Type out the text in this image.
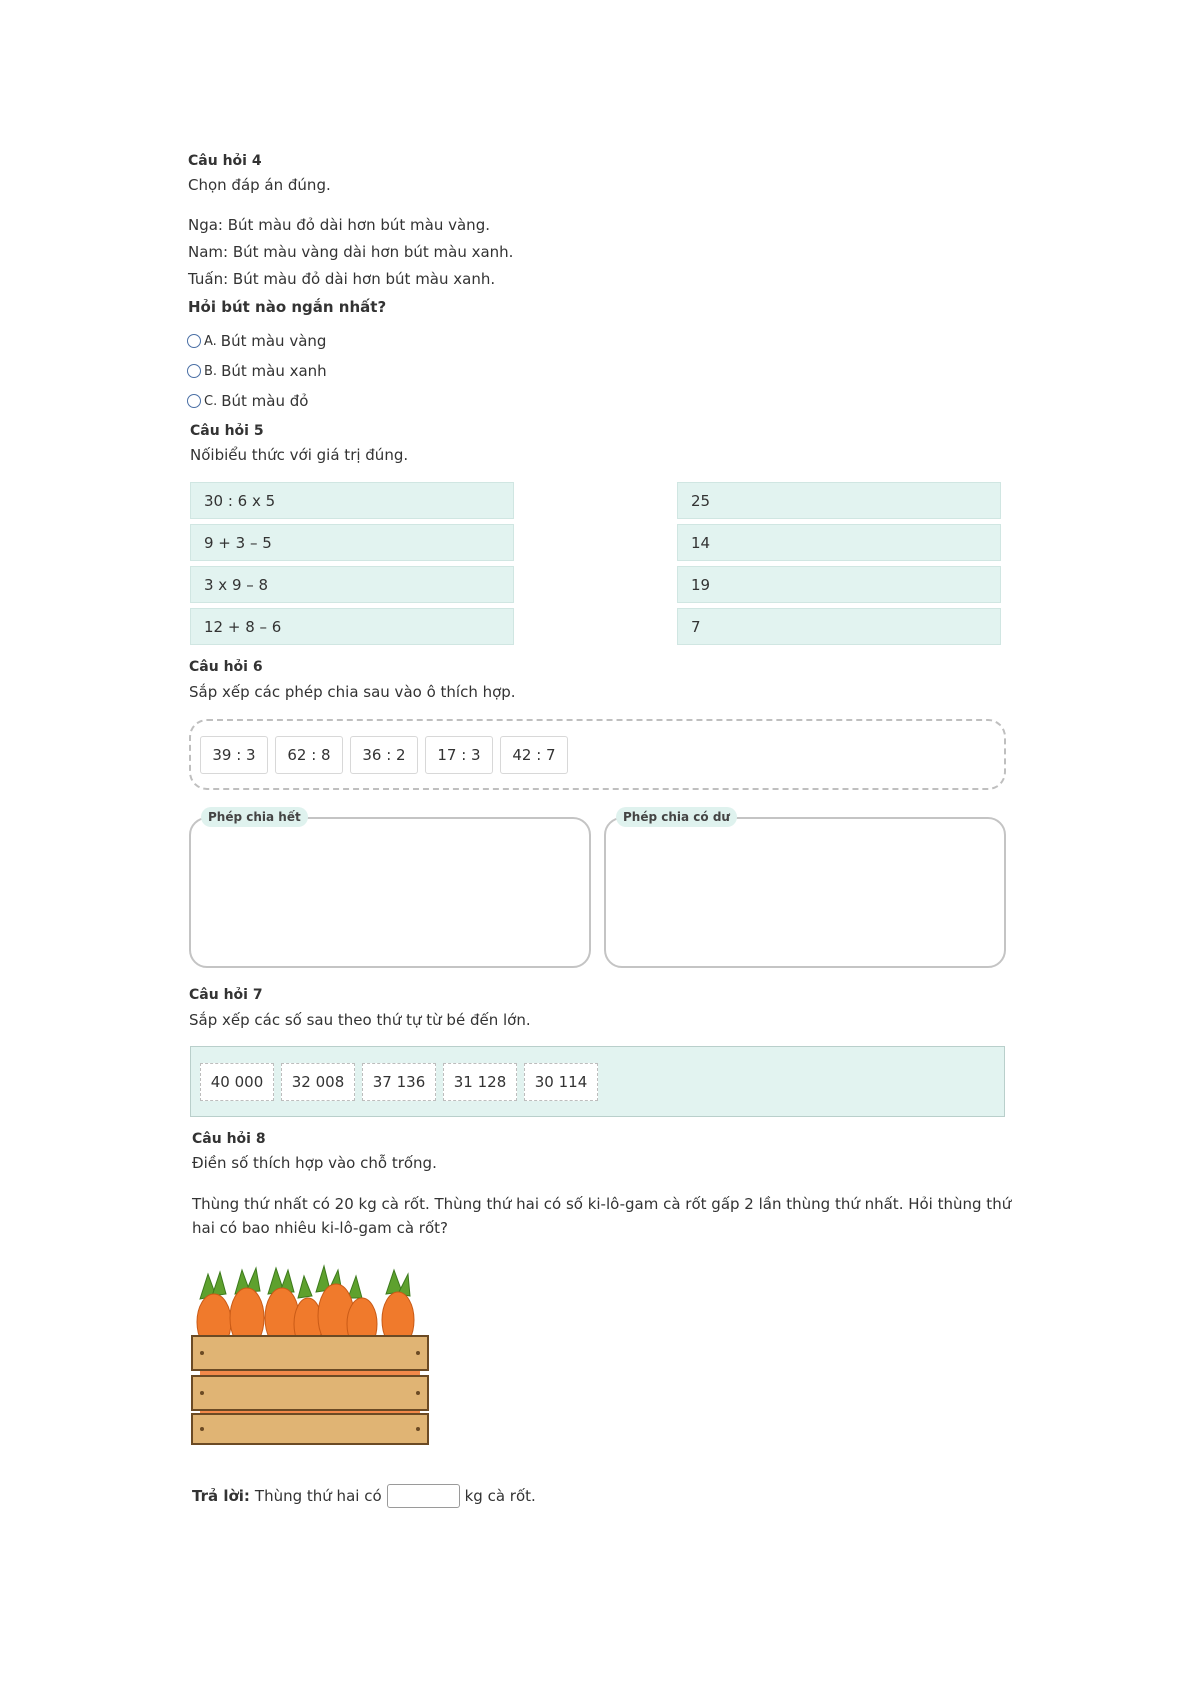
Câu hỏi 4
Chọn đáp án đúng.
Nga: Bút màu đỏ dài hơn bút màu vàng.
Nam: Bút màu vàng dài hơn bút màu xanh.
Tuấn: Bút màu đỏ dài hơn bút màu xanh.
Hỏi bút nào ngắn nhất?
A. Bút màu vàng
B. Bút màu xanh
C. Bút màu đỏ
Câu hỏi 5
Nốibiểu thức với giá trị đúng.
30 : 6 x 5
9 + 3 – 5
3 x 9 – 8
12 + 8 – 6
25
14
19
7
Câu hỏi 6
Sắp xếp các phép chia sau vào ô thích hợp.
39 : 3	62 : 8	36 : 2	17 : 3	42 : 7
Phép chia hết	Phép chia có dư
Câu hỏi 7
Sắp xếp các số sau theo thứ tự từ bé đến lớn.
40 000	32 008	37 136	31 128	30 114
Câu hỏi 8
Điền số thích hợp vào chỗ trống.
Thùng thứ nhất có 20 kg cà rốt. Thùng thứ hai có số ki-lô-gam cà rốt gấp 2 lần thùng thứ nhất. Hỏi thùng thứ hai có bao nhiêu ki-lô-gam cà rốt?
Trả lời: Thùng thứ hai có	kg cà rốt.
